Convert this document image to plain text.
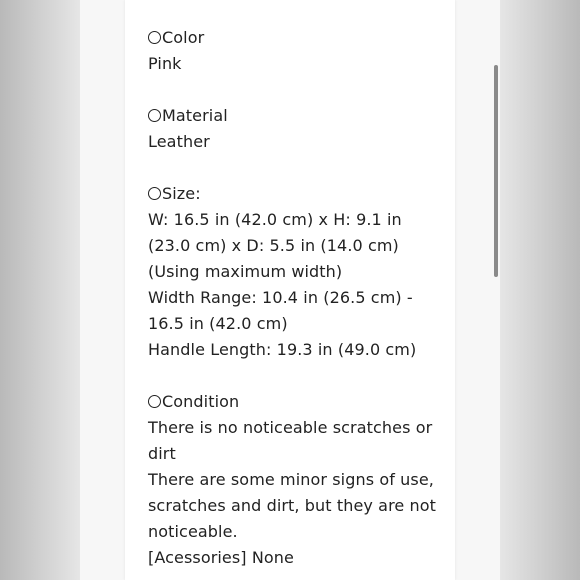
Color
Pink
Material
Leather
Size:
W: 16.5 in (42.0 cm) x H: 9.1 in
(23.0 cm) x D: 5.5 in (14.0 cm)
(Using maximum width)
Width Range: 10.4 in (26.5 cm) -
16.5 in (42.0 cm)
Handle Length: 19.3 in (49.0 cm)
Condition
There is no noticeable scratches or
dirt
There are some minor signs of use,
scratches and dirt, but they are not
noticeable.
[Acessories] None
